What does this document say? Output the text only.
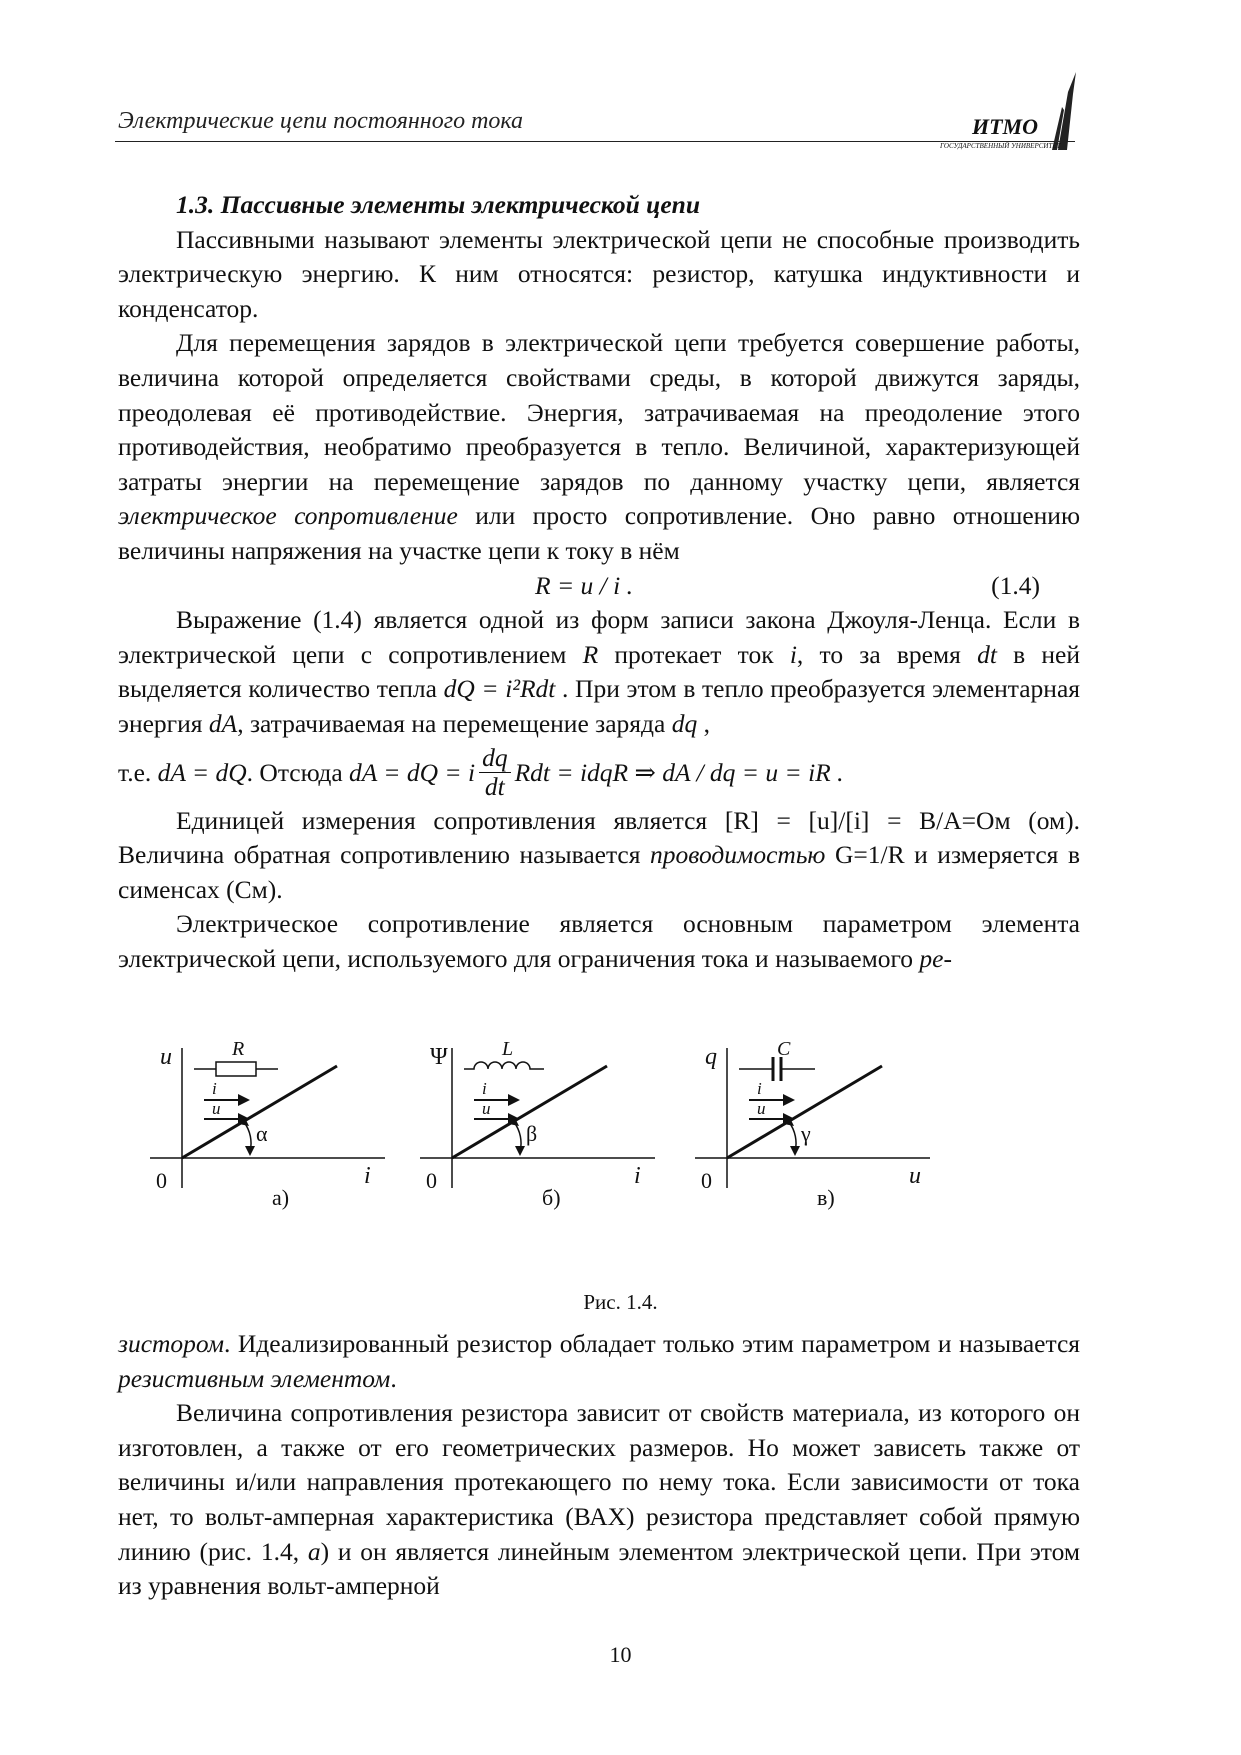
Электрические цепи постоянного тока	ИТМО
ГОСУДАРСТВЕННЫЙ УНИВЕРСИТЕТ

1.3. Пассивные элементы электрической цепи

Пассивными называют элементы электрической цепи не способные производить электрическую энергию. К ним относятся: резистор, катушка индуктивности и конденсатор.

Для перемещения зарядов в электрической цепи требуется совершение работы, величина которой определяется свойствами среды, в которой движутся заряды, преодолевая её противодействие. Энергия, затрачиваемая на преодоление этого противодействия, необратимо преобразуется в тепло. Величиной, характеризующей затраты энергии на перемещение зарядов по данному участку цепи, является электрическое сопротивление или просто сопротивление. Оно равно отношению величины напряжения на участке цепи к току в нём

R = u / i .	(1.4)

Выражение (1.4) является одной из форм записи закона Джоуля-Ленца. Если в электрической цепи с сопротивлением R протекает ток i, то за время dt в ней выделяется количество тепла dQ = i²Rdt . При этом в тепло преобразуется элементарная энергия dA, затрачиваемая на перемещение заряда dq ,

т.е.
dA = dQ . Отсюда
dA = dQ = i $\frac{dq}{dt}$ Rdt = idqR ⇒ dA / dq = u = iR .

Единицей измерения сопротивления является [R] = [u]/[i] = В/А=Ом (ом). Величина обратная сопротивлению называется проводимостью G=1/R и измеряется в сименсах (См).

Электрическое сопротивление является основным параметром элемента электрической цепи, используемого для ограничения тока и называемого ре-

u
0	i
а)
R
i
u
α
Ψ
0	i
б)
L
i
u
β
q
0	u
в)
C
i
u
γ
Рис. 1.4.

зистором. Идеализированный резистор обладает только этим параметром и называется резистивным элементом.

Величина сопротивления резистора зависит от свойств материала, из которого он изготовлен, а также от его геометрических размеров. Но может зависеть также от величины и/или направления протекающего по нему тока. Если зависимости от тока нет, то вольт-амперная характеристика (ВАХ) резистора представляет собой прямую линию (рис. 1.4, а) и он является линейным элементом электрической цепи. При этом из уравнения вольт-амперной

10
